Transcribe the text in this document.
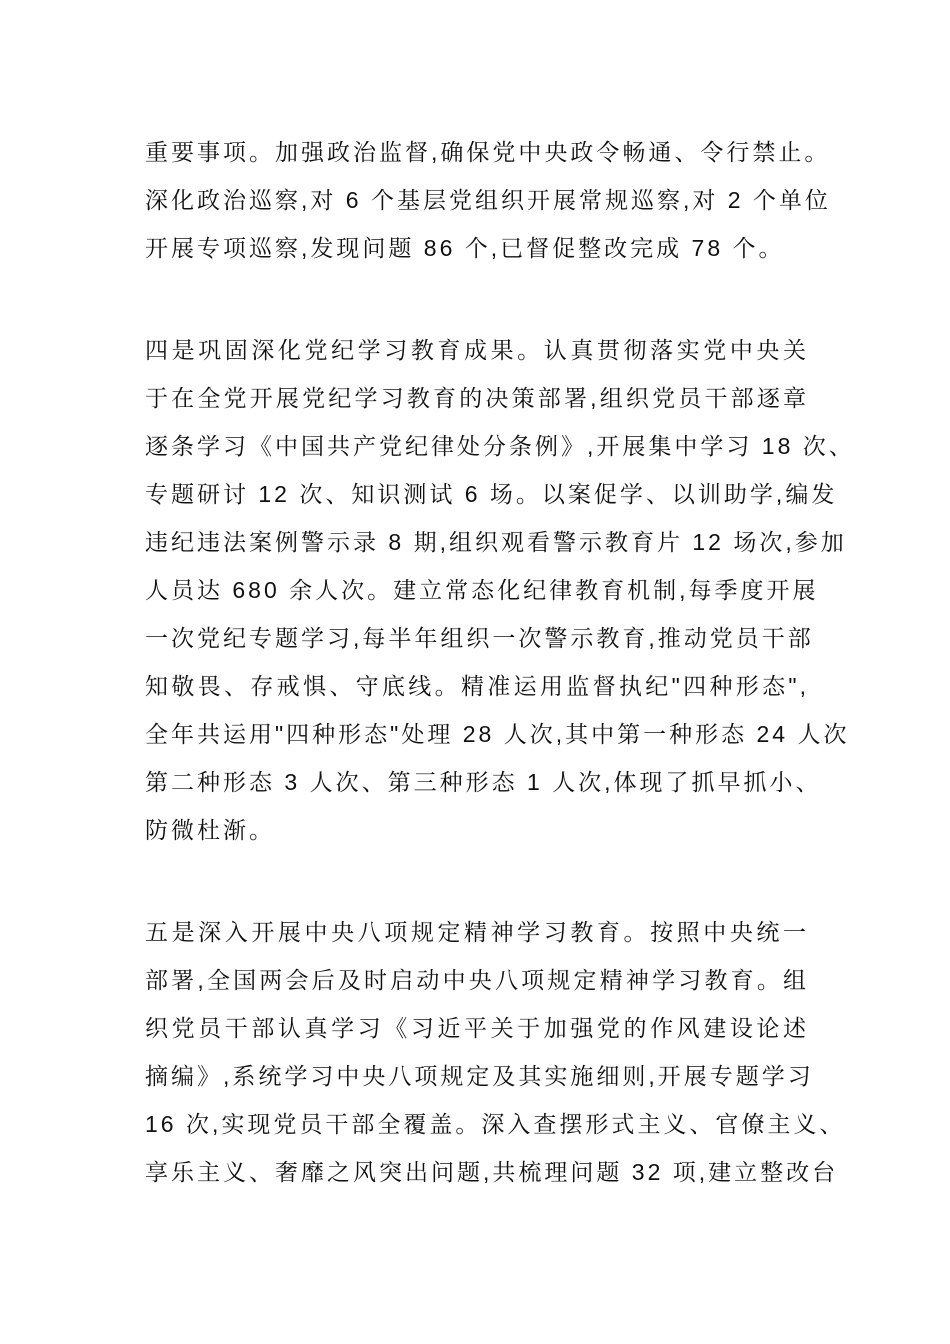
重要事项。加强政治监督,确保党中央政令畅通、令行禁止。
深化政治巡察,对 6 个基层党组织开展常规巡察,对 2 个单位
开展专项巡察,发现问题 86 个,已督促整改完成 78 个。
四是巩固深化党纪学习教育成果。认真贯彻落实党中央关
于在全党开展党纪学习教育的决策部署,组织党员干部逐章
逐条学习《中国共产党纪律处分条例》,开展集中学习 18 次、
专题研讨 12 次、知识测试 6 场。以案促学、以训助学,编发
违纪违法案例警示录 8 期,组织观看警示教育片 12 场次,参加
人员达 680 余人次。建立常态化纪律教育机制,每季度开展
一次党纪专题学习,每半年组织一次警示教育,推动党员干部
知敬畏、存戒惧、守底线。精准运用监督执纪"四种形态",
全年共运用"四种形态"处理 28 人次,其中第一种形态 24 人次
第二种形态 3 人次、第三种形态 1 人次,体现了抓早抓小、
防微杜渐。
五是深入开展中央八项规定精神学习教育。按照中央统一
部署,全国两会后及时启动中央八项规定精神学习教育。组
织党员干部认真学习《习近平关于加强党的作风建设论述
摘编》,系统学习中央八项规定及其实施细则,开展专题学习
16 次,实现党员干部全覆盖。深入查摆形式主义、官僚主义、
享乐主义、奢靡之风突出问题,共梳理问题 32 项,建立整改台
